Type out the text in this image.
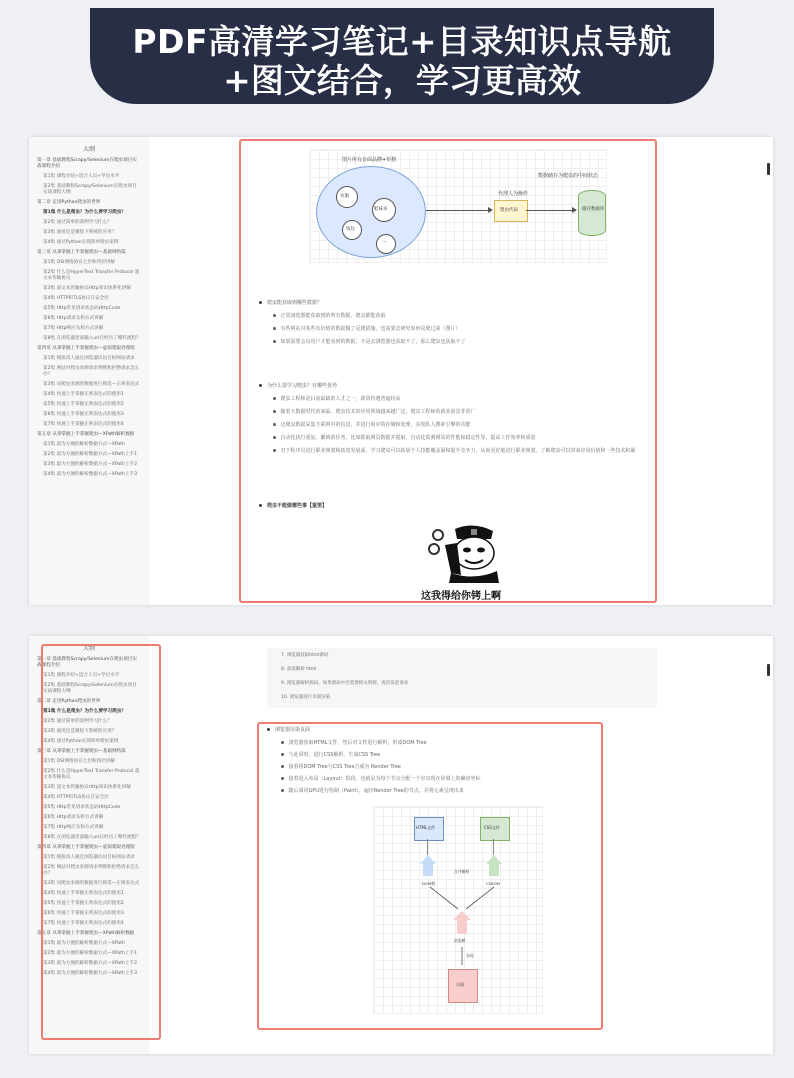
PDF高清学习笔记+目录知识点导航
+图文结合，学习更高效
大纲
第一章 基础教程Scrapy/Selenium在爬虫项目实战课程介绍
第1集 课程介绍+适合人员+学后水平
第2集 基础教程Scrapy/Selenium在爬虫项目实战课程大纲
第二章 走进Python爬虫的世界
第1集 什么是爬虫？为什么要学习爬虫？
第2集 通过简单的案例学习什么？
第3集 通用还是聚焦下系统的应用？
第4集 通过Python实现简单爬虫案例
第三章 从零掌握上手掌握爬虫—基础网络篇
第1集 OSI网络协议七层和四层讲解
第2集 什么是HyperText Transfer Protocol 超文本传输协议
第3集 超文本传输协议Http知识体系化讲解
第4集 HTTP和TLS协议在安全层
第5集 Http常见请求状态码HttpCode
第6集 Http请求头和方式讲解
第7集 Http响应头和方式讲解
第8集 在浏览器里面输入url后经历了哪些流程？
第四章 从零掌握上手掌握爬虫—虚拟爬取处理版
第1集 模拟真人通过浏览器访问目标网站请求
第2集 网站对爬虫来源请求判断和拒绝请求怎么办？
第3集 问爬虫来源的数据进行筛选—正则表达式
第4集 快速上手掌握正则表达式的使用1
第5集 快速上手掌握正则表达式的使用2
第6集 快速上手掌握正则表达式的使用3
第7集 快速上手掌握正则表达式的使用4
第五章 从零掌握上手掌握爬虫—XPath解析数据
第1集 最为方便的解析数据方式—XPath
第2集 最为方便的解析数据方式—XPath上手1
第3集 最为方便的解析数据方式—XPath上手2
第4集 最为方便的解析数据方式—XPath上手3
图片所有台面品牌+价格
衣服
鞋袜多
钱包
…
代理人为操作
爬虫代码
数据储存为爬虫的中间状态
储存数据库
爬虫能获取到哪些数据？
正常浏览器能获取到的所有数据，爬虫都能获取
有些网站对某些有价值的数据做了反爬措施，也需要去研究如何反爬过来（图片）
如果需要会员用户才能看到的数据，不是去浏览器也获取不了，那么爬虫也获取不了
为什么要学习爬虫？有哪些优势
爬虫工程师是目前最缺的人才之一，薪资待遇普遍较高
随着大数据时代的来临，爬虫技术的应用领域越来越广泛，爬虫工程师的就业前景非常广
迈爬虫数据采集互联网中的信息，并进行相应的存储和处理，实现私人搜索引擎的功能
自动化执行重复、繁琐的任务，比如抓取网页数据并提取，自动化监测网站的性能和稳定性等，提高工作效率和质量
对于程序员进行职业规划和拓宽发展面，学习爬虫可以拓展个人技能覆盖面和提升竞争力，从而更好地进行职业规划，了解爬虫可以带来应用价值和一些技术积累
爬虫不能做哪些事【重要】
这我得给你铐上啊
大纲
第一章 基础教程Scrapy/Selenium在爬虫项目实战课程介绍
第1集 课程介绍+适合人员+学后水平
第2集 基础教程Scrapy/Selenium在爬虫项目实战课程大纲
第二章 走进Python爬虫的世界
第1集 什么是爬虫？为什么要学习爬虫？
第2集 通过简单的案例学习什么？
第3集 通用还是聚焦下系统的应用？
第4集 通过Python实现简单爬虫案例
第三章 从零掌握上手掌握爬虫—基础网络篇
第1集 OSI网络协议七层和四层讲解
第2集 什么是HyperText Transfer Protocol 超文本传输协议
第3集 超文本传输协议Http知识体系化讲解
第4集 HTTP和TLS协议在安全层
第5集 Http常见请求状态码HttpCode
第6集 Http请求头和方式讲解
第7集 Http响应头和方式讲解
第8集 在浏览器里面输入url后经历了哪些流程？
第四章 从零掌握上手掌握爬虫—虚拟爬取处理版
第1集 模拟真人通过浏览器访问目标网站请求
第2集 网站对爬虫来源请求判断和拒绝请求怎么办？
第3集 问爬虫来源的数据进行筛选—正则表达式
第4集 快速上手掌握正则表达式的使用1
第5集 快速上手掌握正则表达式的使用2
第6集 快速上手掌握正则表达式的使用3
第7集 快速上手掌握正则表达式的使用4
第五章 从零掌握上手掌握爬虫—XPath解析数据
第1集 最为方便的解析数据方式—XPath
第2集 最为方便的解析数据方式—XPath上手1
第3集 最为方便的解析数据方式—XPath上手2
第4集 最为方便的解析数据方式—XPath上手3
7. 浏览器获取html源码
8. 获取解析 html
9. 浏览器解析源码，如果源码中还需要相关资源，再次发起请求
10. 浏览器进行页面渲染
浏览器渲染页面
浏览器获取HTML文件，然后对文件进行解析，形成DOM Tree
与此同时，进行CSS解析，生成CSS Tree
接着将DOM Tree与CSS Tree合成为 Render Tree
接着进入布局（Layout）阶段，也就是为每个节点分配一个应出现在屏幕上的确切坐标
随后调用GPU进行绘制（Paint），遍历Render Tree的节点，并将元素呈现出来
HTML文件	CSS文件
DOM树	CSSOM
合并解析
渲染树
布局
页面
